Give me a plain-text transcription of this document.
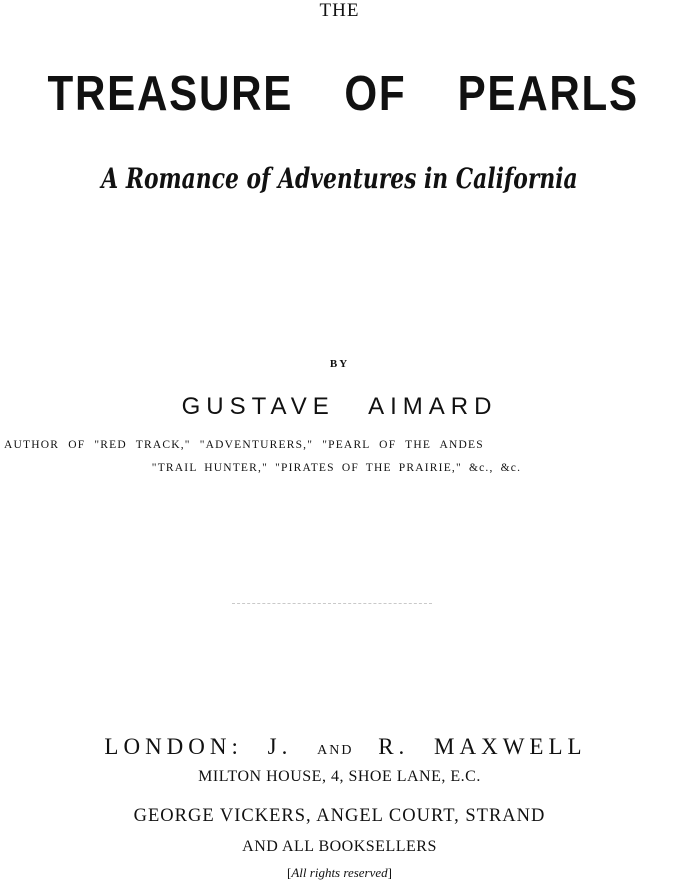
THE
TREASURE OF PEARLS
A Romance of Adventures in California
BY
GUSTAVE AIMARD
AUTHOR OF "RED TRACK," "ADVENTURERS," "PEARL OF THE ANDES
"TRAIL HUNTER," "PIRATES OF THE PRAIRIE," &c., &c.
LONDON: J. AND R. MAXWELL
MILTON HOUSE, 4, SHOE LANE, E.C.
GEORGE VICKERS, ANGEL COURT, STRAND
AND ALL BOOKSELLERS
[All rights reserved]
